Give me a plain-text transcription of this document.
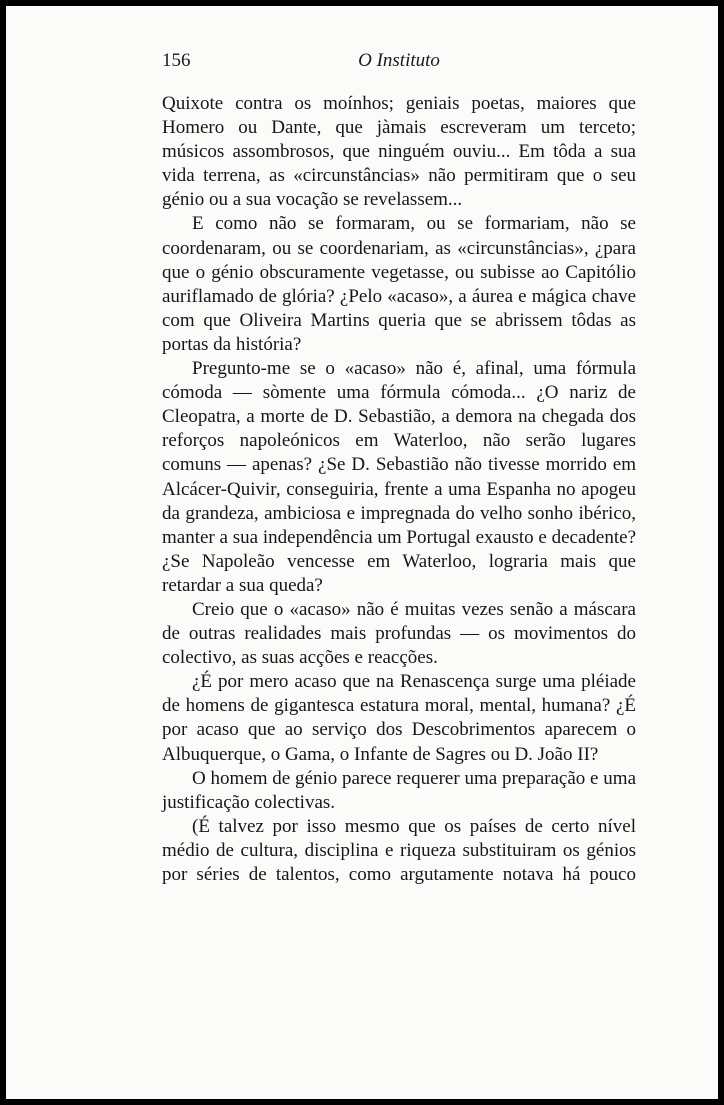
156	O Instituto

Quixote contra os moínhos; geniais poetas, maiores que Homero ou Dante, que jàmais escreveram um terceto; músicos assombrosos, que ninguém ouviu... Em tôda a sua vida terrena, as «circunstâncias» não permitiram que o seu génio ou a sua vocação se revelassem...

E como não se formaram, ou se formariam, não se coordenaram, ou se coordenariam, as «circunstâncias», ¿para que o génio obscuramente vegetasse, ou subisse ao Capitólio auriflamado de glória? ¿Pelo «acaso», a áurea e mágica chave com que Oliveira Martins queria que se abrissem tôdas as portas da história?

Pregunto-me se o «acaso» não é, afinal, uma fórmula cómoda — sòmente uma fórmula cómoda... ¿O nariz de Cleopatra, a morte de D. Sebastião, a demora na chegada dos reforços napoleónicos em Waterloo, não serão lugares comuns — apenas? ¿Se D. Sebastião não tivesse morrido em Alcácer-Quivir, conseguiria, frente a uma Espanha no apogeu da grandeza, ambiciosa e impregnada do velho sonho ibérico, manter a sua independência um Portugal exausto e decadente? ¿Se Napoleão vencesse em Waterloo, lograria mais que retardar a sua queda?

Creio que o «acaso» não é muitas vezes senão a máscara de outras realidades mais profundas — os movimentos do colectivo, as suas acções e reacções.

¿É por mero acaso que na Renascença surge uma pléiade de homens de gigantesca estatura moral, mental, humana? ¿É por acaso que ao serviço dos Descobrimentos aparecem o Albuquerque, o Gama, o Infante de Sagres ou D. João II?

O homem de génio parece requerer uma preparação e uma justificação colectivas.

(É talvez por isso mesmo que os países de certo nível médio de cultura, disciplina e riqueza substituiram os génios por séries de talentos, como argutamente notava há pouco
